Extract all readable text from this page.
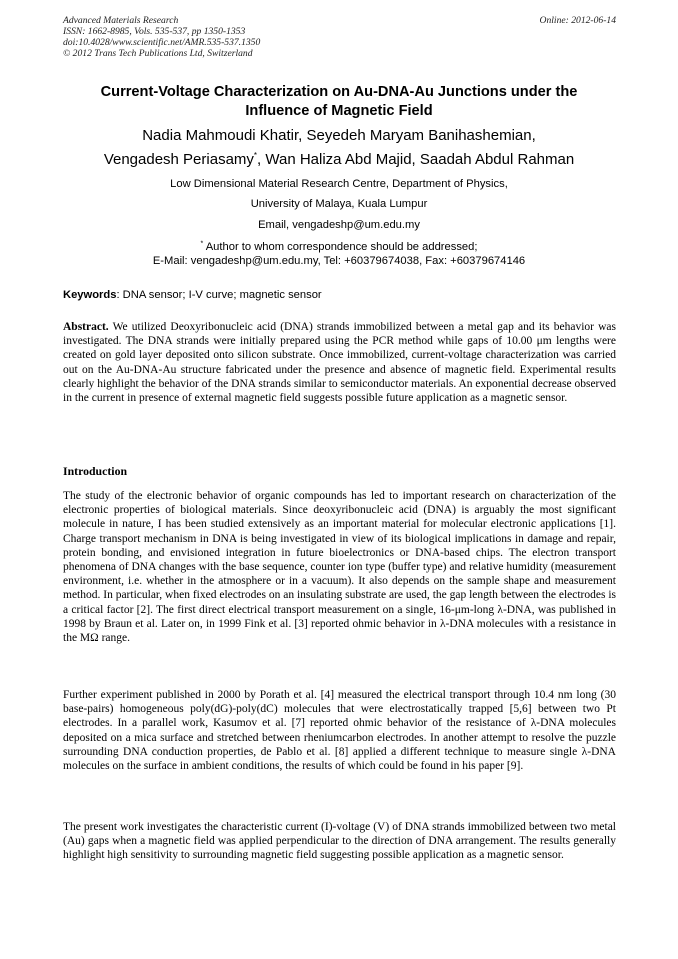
Advanced Materials Research
ISSN: 1662-8985, Vols. 535-537, pp 1350-1353
doi:10.4028/www.scientific.net/AMR.535-537.1350
© 2012 Trans Tech Publications Ltd, Switzerland
Online: 2012-06-14
Current-Voltage Characterization on Au-DNA-Au Junctions under the
Influence of Magnetic Field
Nadia Mahmoudi Khatir, Seyedeh Maryam Banihashemian,
Vengadesh Periasamy*, Wan Haliza Abd Majid, Saadah Abdul Rahman
Low Dimensional Material Research Centre, Department of Physics,
University of Malaya, Kuala Lumpur
Email, vengadeshp@um.edu.my
* Author to whom correspondence should be addressed;
E-Mail: vengadeshp@um.edu.my, Tel: +60379674038, Fax: +60379674146
Keywords: DNA sensor; I-V curve; magnetic sensor

Abstract. We utilized Deoxyribonucleic acid (DNA) strands immobilized between a metal gap and its behavior was investigated. The DNA strands were initially prepared using the PCR method while gaps of 10.00 μm lengths were created on gold layer deposited onto silicon substrate. Once immobilized, current-voltage characterization was carried out on the Au-DNA-Au structure fabricated under the presence and absence of magnetic field. Experimental results clearly highlight the behavior of the DNA strands similar to semiconductor materials. An exponential decrease observed in the current in presence of external magnetic field suggests possible future application as a magnetic sensor.

Introduction

The study of the electronic behavior of organic compounds has led to important research on characterization of the electronic properties of biological materials. Since deoxyribonucleic acid (DNA) is arguably the most significant molecule in nature, I has been studied extensively as an important material for molecular electronic applications [1]. Charge transport mechanism in DNA is being investigated in view of its biological implications in damage and repair, protein bonding, and envisioned integration in future bioelectronics or DNA-based chips. The electron transport phenomena of DNA changes with the base sequence, counter ion type (buffer type) and relative humidity (measurement environment, i.e. whether in the atmosphere or in a vacuum). It also depends on the sample shape and measurement method. In particular, when fixed electrodes on an insulating substrate are used, the gap length between the electrodes is a critical factor [2]. The first direct electrical transport measurement on a single, 16-μm-long λ-DNA, was published in 1998 by Braun et al. Later on, in 1999 Fink et al. [3] reported ohmic behavior in λ-DNA molecules with a resistance in the MΩ range.

Further experiment published in 2000 by Porath et al. [4] measured the electrical transport through 10.4 nm long (30 base-pairs) homogeneous poly(dG)-poly(dC) molecules that were electrostatically trapped [5,6] between two Pt electrodes. In a parallel work, Kasumov et al. [7] reported ohmic behavior of the resistance of λ-DNA molecules deposited on a mica surface and stretched between rheniumcarbon electrodes. In another attempt to resolve the puzzle surrounding DNA conduction properties, de Pablo et al. [8] applied a different technique to measure single λ-DNA molecules on the surface in ambient conditions, the results of which could be found in his paper [9].

The present work investigates the characteristic current (I)-voltage (V) of DNA strands immobilized between two metal (Au) gaps when a magnetic field was applied perpendicular to the direction of DNA arrangement. The results generally highlight high sensitivity to surrounding magnetic field suggesting possible application as a magnetic sensor.
